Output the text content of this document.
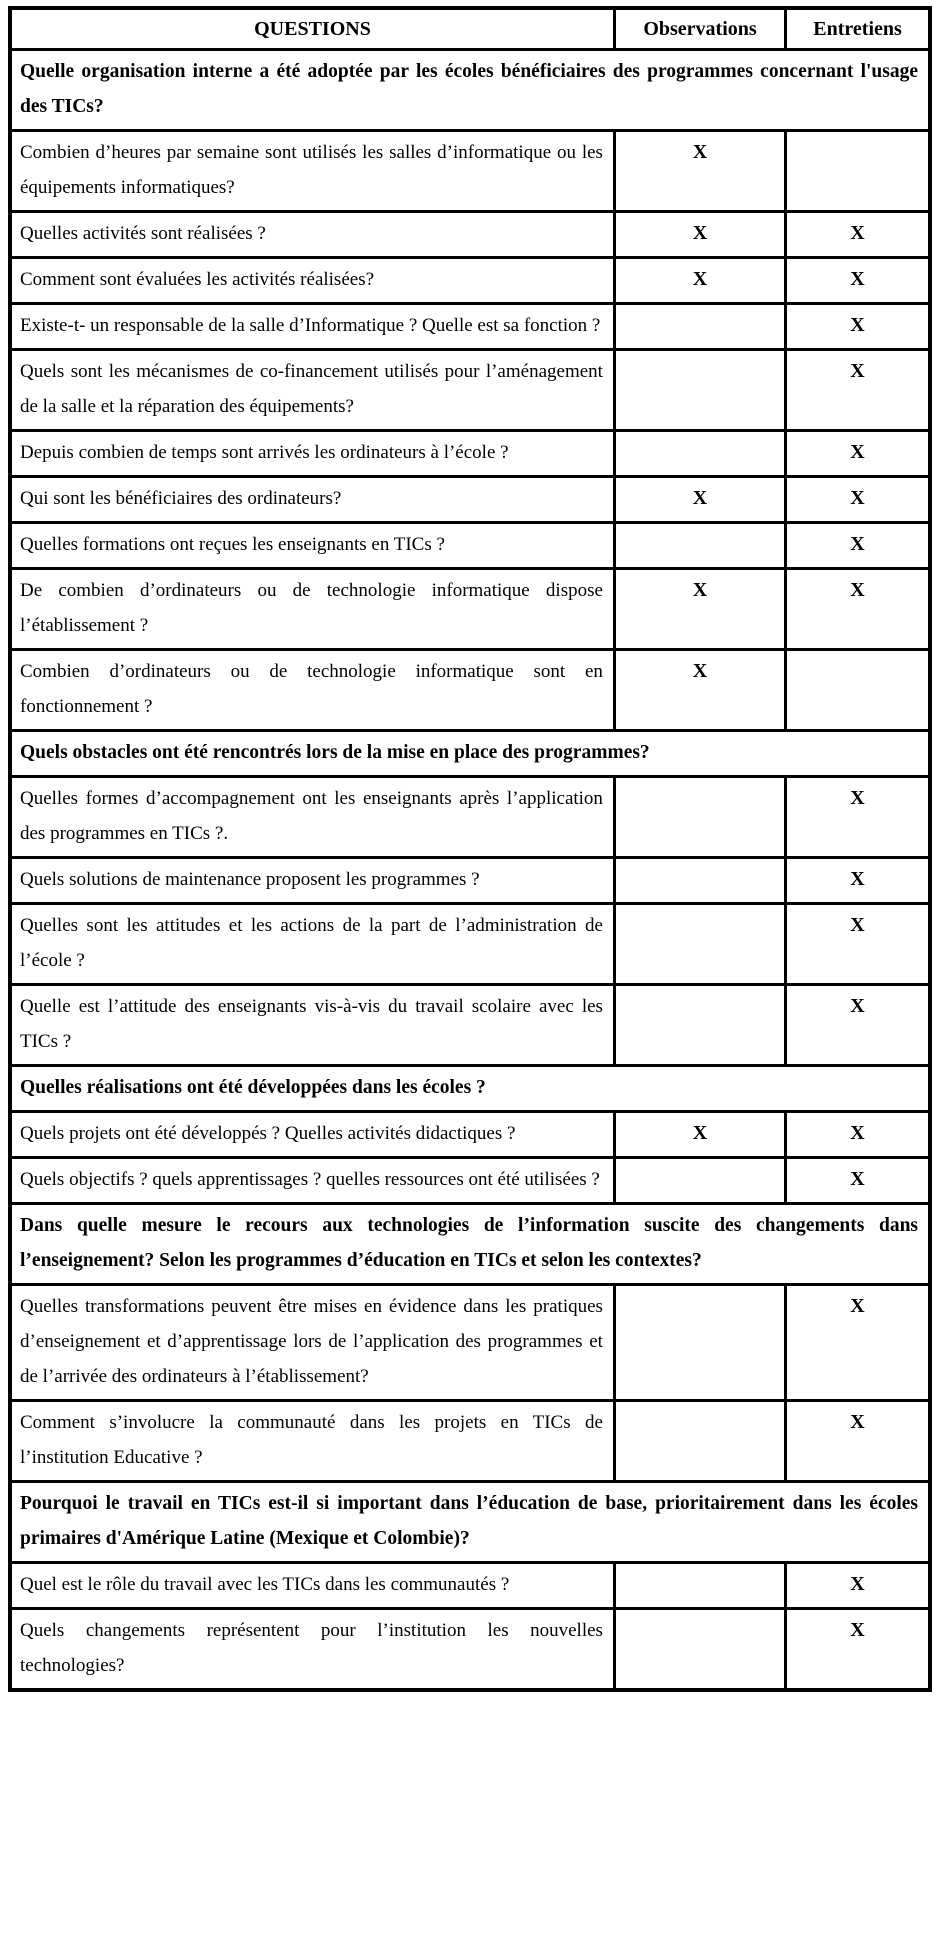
QUESTIONS	Observations	Entretiens
Quelle organisation interne a été adoptée par les écoles bénéficiaires des programmes concernant l'usage des TICs?		
Combien d’heures par semaine sont utilisés les salles d’informatique ou les équipements informatiques?	X	
Quelles activités sont réalisées ?	X	X
Comment sont évaluées les activités réalisées?	X	X
Existe-t- un responsable de la salle d’Informatique ? Quelle est sa fonction ?		X
Quels sont les mécanismes de co-financement utilisés pour l’aménagement de la salle et la réparation des équipements?		X
Depuis combien de temps sont arrivés les ordinateurs à l’école ?		X
Qui sont les bénéficiaires des ordinateurs?	X	X
Quelles formations ont reçues les enseignants en TICs ?		X
De combien d’ordinateurs ou de technologie informatique dispose l’établissement ?	X	X
Combien d’ordinateurs ou de technologie informatique sont en fonctionnement ?	X	
Quels obstacles ont été rencontrés lors de la mise en place des programmes?		
Quelles formes d’accompagnement ont les enseignants après l’application des programmes en TICs ?.		X
Quels solutions de maintenance proposent les programmes ?		X
Quelles sont les attitudes et les actions de la part de l’administration de l’école ?		X
Quelle est l’attitude des enseignants vis-à-vis du travail scolaire avec les TICs ?		X
Quelles réalisations ont été développées dans les écoles ?		
Quels projets ont été développés ? Quelles activités didactiques ?	X	X
Quels objectifs ? quels apprentissages ? quelles ressources ont été utilisées ?		X
Dans quelle mesure le recours aux technologies de l’information suscite des changements dans l’enseignement? Selon les programmes d’éducation en TICs et selon les contextes?		
Quelles transformations peuvent être mises en évidence dans les pratiques d’enseignement et d’apprentissage lors de l’application des programmes et de l’arrivée des ordinateurs à l’établissement?		X
Comment s’involucre la communauté dans les projets en TICs de l’institution Educative ?		X
Pourquoi le travail en TICs est-il si important dans l’éducation de base, prioritairement dans les écoles primaires d'Amérique Latine (Mexique et Colombie)?		
Quel est le rôle du travail avec les TICs dans les communautés ?		X
Quels changements représentent pour l’institution les nouvelles technologies?		X
